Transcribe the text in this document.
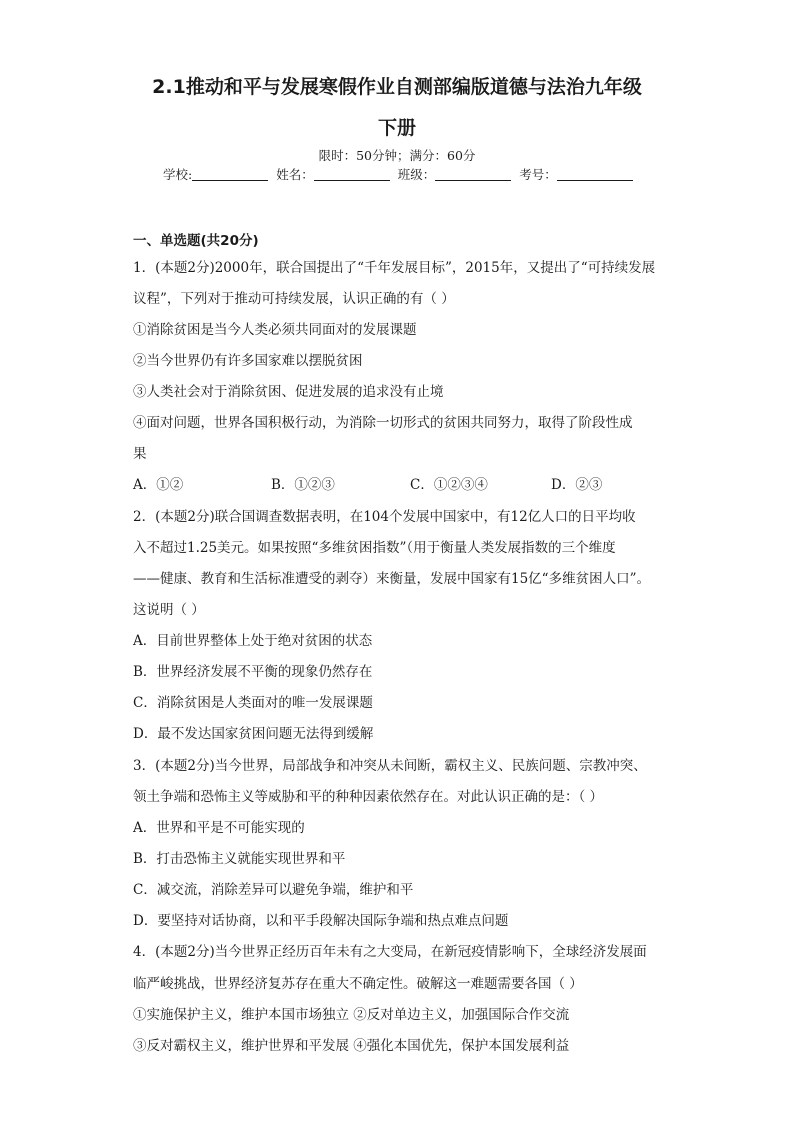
2.1推动和平与发展寒假作业自测部编版道德与法治九年级
下册
限时：50分钟；满分：60分
学校:	姓名：	班级：	考号：
一、单选题(共20分)
1．(本题2分)2000年，联合国提出了“千年发展目标”，2015年，又提出了“可持续发展
议程”，下列对于推动可持续发展，认识正确的有（ ）
①消除贫困是当今人类必须共同面对的发展课题
②当今世界仍有许多国家难以摆脱贫困
③人类社会对于消除贫困、促进发展的追求没有止境
④面对问题，世界各国积极行动，为消除一切形式的贫困共同努力，取得了阶段性成
果
A．①②	B．①②③	C．①②③④	D．②③
2．(本题2分)联合国调查数据表明，在104个发展中国家中，有12亿人口的日平均收
入不超过1.25美元。如果按照“多维贫困指数”（用于衡量人类发展指数的三个维度
——健康、教育和生活标准遭受的剥夺）来衡量，发展中国家有15亿“多维贫困人口”。
这说明（ ）
A．目前世界整体上处于绝对贫困的状态
B．世界经济发展不平衡的现象仍然存在
C．消除贫困是人类面对的唯一发展课题
D．最不发达国家贫困问题无法得到缓解
3．(本题2分)当今世界，局部战争和冲突从未间断，霸权主义、民族问题、宗教冲突、
领土争端和恐怖主义等威胁和平的种种因素依然存在。对此认识正确的是：（ ）
A．世界和平是不可能实现的
B．打击恐怖主义就能实现世界和平
C．减交流，消除差异可以避免争端，维护和平
D．要坚持对话协商，以和平手段解决国际争端和热点难点问题
4．(本题2分)当今世界正经历百年未有之大变局，在新冠疫情影响下，全球经济发展面
临严峻挑战，世界经济复苏存在重大不确定性。破解这一难题需要各国（ ）
①实施保护主义，维护本国市场独立 ②反对单边主义，加强国际合作交流
③反对霸权主义，维护世界和平发展 ④强化本国优先，保护本国发展利益
